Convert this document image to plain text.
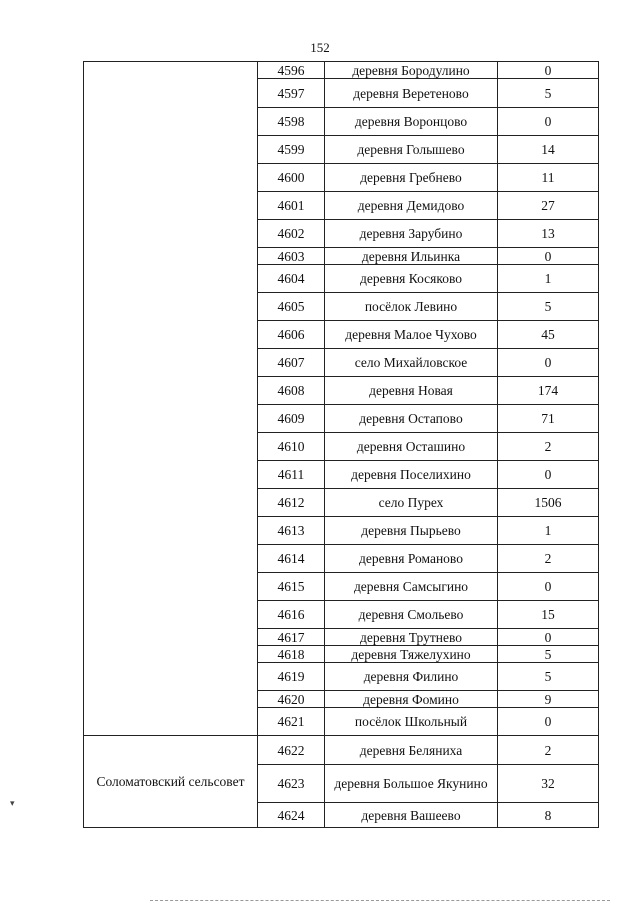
152
	4596	деревня Бородулино	0
	4597	деревня Веретеново	5
	4598	деревня Воронцово	0
	4599	деревня Голышево	14
	4600	деревня Гребнево	11
	4601	деревня Демидово	27
	4602	деревня Зарубино	13
	4603	деревня Ильинка	0
	4604	деревня Косяково	1
	4605	посёлок Левино	5
	4606	деревня Малое Чухово	45
	4607	село Михайловское	0
	4608	деревня Новая	174
	4609	деревня Остапово	71
	4610	деревня Осташино	2
	4611	деревня Поселихино	0
	4612	село Пурех	1506
	4613	деревня Пырьево	1
	4614	деревня Романово	2
	4615	деревня Самсыгино	0
	4616	деревня Смольево	15
	4617	деревня Трутнево	0
	4618	деревня Тяжелухино	5
	4619	деревня Филино	5
	4620	деревня Фомино	9
	4621	посёлок Школьный	0
Соломатовский сельсовет	4622	деревня Беляниха	2
	4623	деревня Большое Якунино	32
	4624	деревня Вашеево	8
▾
